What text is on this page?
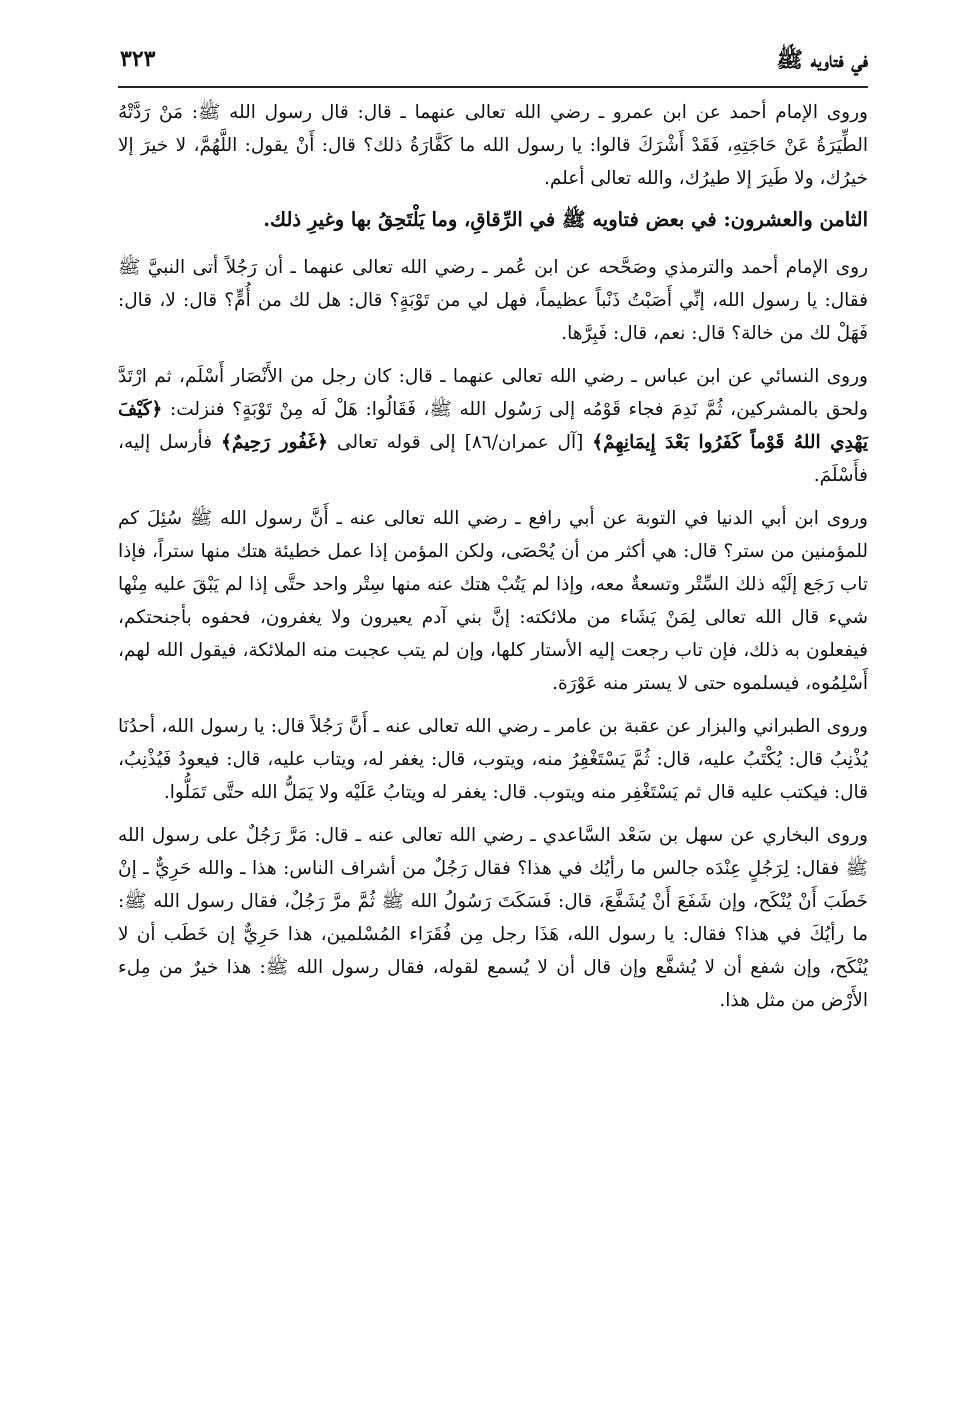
في فتاويه ﷺ
٣٢٣

وروى الإمام أحمد عن ابن عمرو ـ رضي الله تعالى عنهما ـ قال: قال رسول الله ﷺ: مَنْ رَدَّتْهُ الطِّيَرَةُ عَنْ حَاجَتِهِ، فَقَدْ أَشْرَكَ قالوا: يا رسول الله ما كَفَّارَةُ ذلك؟ قال: أَنْ يقول: اللَّهُمَّ، لا خيرَ إلا خيرُك، ولا طَيرَ إلا طيرُك، والله تعالى أعلم.

الثامن والعشرون: في بعض فتاويه ﷺ في الرِّقاقِ، وما يَلْتَحِقُ بها وغيرِ ذلك.

روى الإمام أحمد والترمذي وصَحَّحه عن ابن عُمر ـ رضي الله تعالى عنهما ـ أن رَجُلاً أتى النبيَّ ﷺ فقال: يا رسول الله، إنِّي أَصَبْتُ ذَنْباً عظيماً، فهل لي من تَوْبَةٍ؟ قال: هل لك من أُمٍّ؟ قال: لا، قال: فَهَلْ لك من خالة؟ قال: نعم، قال: فَبِرَّها.

وروى النسائي عن ابن عباس ـ رضي الله تعالى عنهما ـ قال: كان رجل من الأَنْصَار أَسْلَم، ثم ارْتَدَّ ولحق بالمشركين، ثُمَّ نَدِمَ فجاء قَوْمُه إلى رَسُول الله ﷺ، فَقَالُوا: هَلْ لَه مِنْ تَوْبَةٍ؟ فنزلت: ﴿كَيْفَ يَهْدِي اللهُ قَوْماً كَفَرُوا بَعْدَ إِيمَانِهِمْ﴾ [آل عمران/٨٦] إلى قوله تعالى ﴿غَفُور رَحِيمٌ﴾ فأرسل إليه، فأَسْلَمَ.

وروى ابن أبي الدنيا في التوبة عن أبي رافع ـ رضي الله تعالى عنه ـ أَنَّ رسول الله ﷺ سُئِلَ كم للمؤمنين من ستر؟ قال: هي أكثر من أن يُحْصَى، ولكن المؤمن إذا عمل خطيئة هتك منها ستراً، فإذا تاب رَجَع إلَيْه ذلك السِّتْر وتسعةٌ معه، وإذا لم يَتُبْ هتك عنه منها سِتْر واحد حتَّى إذا لم يَبْقَ عليه مِنْها شيء قال الله تعالى لِمَنْ يَشَاء من ملائكته: إنَّ بني آدم يعيرون ولا يغفرون، فحفوه بأجنحتكم، فيفعلون به ذلك، فإن تاب رجعت إليه الأستار كلها، وإن لم يتب عجبت منه الملائكة، فيقول الله لهم، أَسْلِمُوه، فيسلموه حتى لا يستر منه عَوْرَة.

وروى الطبراني والبزار عن عقبة بن عامر ـ رضي الله تعالى عنه ـ أَنَّ رَجُلاً قال: يا رسول الله، أحدُنَا يُذْنِبُ قال: يُكْتَبُ عليه، قال: ثُمَّ يَسْتَغْفِرُ منه، ويتوب، قال: يغفر له، ويتاب عليه، قال: فيعودُ فَيُذْنِبُ، قال: فيكتب عليه قال ثم يَسْتَغْفِر منه ويتوب. قال: يغفر له ويتابُ عَلَيْه ولا يَمَلُّ الله حتَّى تَمَلُّوا.

وروى البخاري عن سهل بن سَعْد السَّاعدي ـ رضي الله تعالى عنه ـ قال: مَرَّ رَجُلٌ على رسول الله ﷺ فقال: لِرَجُلٍ عِنْدَه جالس ما رأيُك في هذا؟ فقال رَجُلٌ من أشراف الناس: هذا ـ والله حَرِيٌّ ـ إنْ خَطَبَ أَنْ يُنْكَح، وإن شَفَعَ أَنْ يُشَفَّعَ، قال: فَسَكَتَ رَسُولُ الله ﷺ ثُمَّ مرَّ رَجُلٌ، فقال رسول الله ﷺ: ما رأيُكَ في هذا؟ فقال: يا رسول الله، هَذَا رجل مِن فُقَرَاء المُسْلمين، هذا حَرِيٌّ إن خَطَب أن لا يُنْكَح، وإن شفع أن لا يُشفَّع وإن قال أن لا يُسمع لقوله، فقال رسول الله ﷺ: هذا خيرٌ من مِلء الأَرْض من مثل هذا.
